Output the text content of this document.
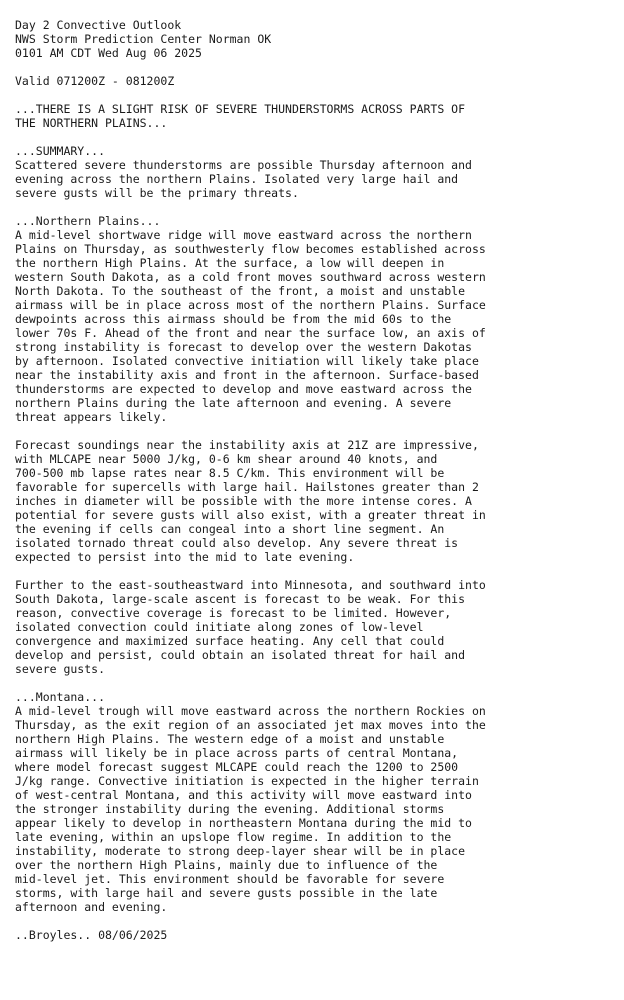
Day 2 Convective Outlook
NWS Storm Prediction Center Norman OK
0101 AM CDT Wed Aug 06 2025
Valid 071200Z - 081200Z
...THERE IS A SLIGHT RISK OF SEVERE THUNDERSTORMS ACROSS PARTS OF
THE NORTHERN PLAINS...
...SUMMARY...
Scattered severe thunderstorms are possible Thursday afternoon and
evening across the northern Plains. Isolated very large hail and
severe gusts will be the primary threats.
...Northern Plains...
A mid-level shortwave ridge will move eastward across the northern
Plains on Thursday, as southwesterly flow becomes established across
the northern High Plains. At the surface, a low will deepen in
western South Dakota, as a cold front moves southward across western
North Dakota. To the southeast of the front, a moist and unstable
airmass will be in place across most of the northern Plains. Surface
dewpoints across this airmass should be from the mid 60s to the
lower 70s F. Ahead of the front and near the surface low, an axis of
strong instability is forecast to develop over the western Dakotas
by afternoon. Isolated convective initiation will likely take place
near the instability axis and front in the afternoon. Surface-based
thunderstorms are expected to develop and move eastward across the
northern Plains during the late afternoon and evening. A severe
threat appears likely.
Forecast soundings near the instability axis at 21Z are impressive,
with MLCAPE near 5000 J/kg, 0-6 km shear around 40 knots, and
700-500 mb lapse rates near 8.5 C/km. This environment will be
favorable for supercells with large hail. Hailstones greater than 2
inches in diameter will be possible with the more intense cores. A
potential for severe gusts will also exist, with a greater threat in
the evening if cells can congeal into a short line segment. An
isolated tornado threat could also develop. Any severe threat is
expected to persist into the mid to late evening.
Further to the east-southeastward into Minnesota, and southward into
South Dakota, large-scale ascent is forecast to be weak. For this
reason, convective coverage is forecast to be limited. However,
isolated convection could initiate along zones of low-level
convergence and maximized surface heating. Any cell that could
develop and persist, could obtain an isolated threat for hail and
severe gusts.
...Montana...
A mid-level trough will move eastward across the northern Rockies on
Thursday, as the exit region of an associated jet max moves into the
northern High Plains. The western edge of a moist and unstable
airmass will likely be in place across parts of central Montana,
where model forecast suggest MLCAPE could reach the 1200 to 2500
J/kg range. Convective initiation is expected in the higher terrain
of west-central Montana, and this activity will move eastward into
the stronger instability during the evening. Additional storms
appear likely to develop in northeastern Montana during the mid to
late evening, within an upslope flow regime. In addition to the
instability, moderate to strong deep-layer shear will be in place
over the northern High Plains, mainly due to influence of the
mid-level jet. This environment should be favorable for severe
storms, with large hail and severe gusts possible in the late
afternoon and evening.
..Broyles.. 08/06/2025
